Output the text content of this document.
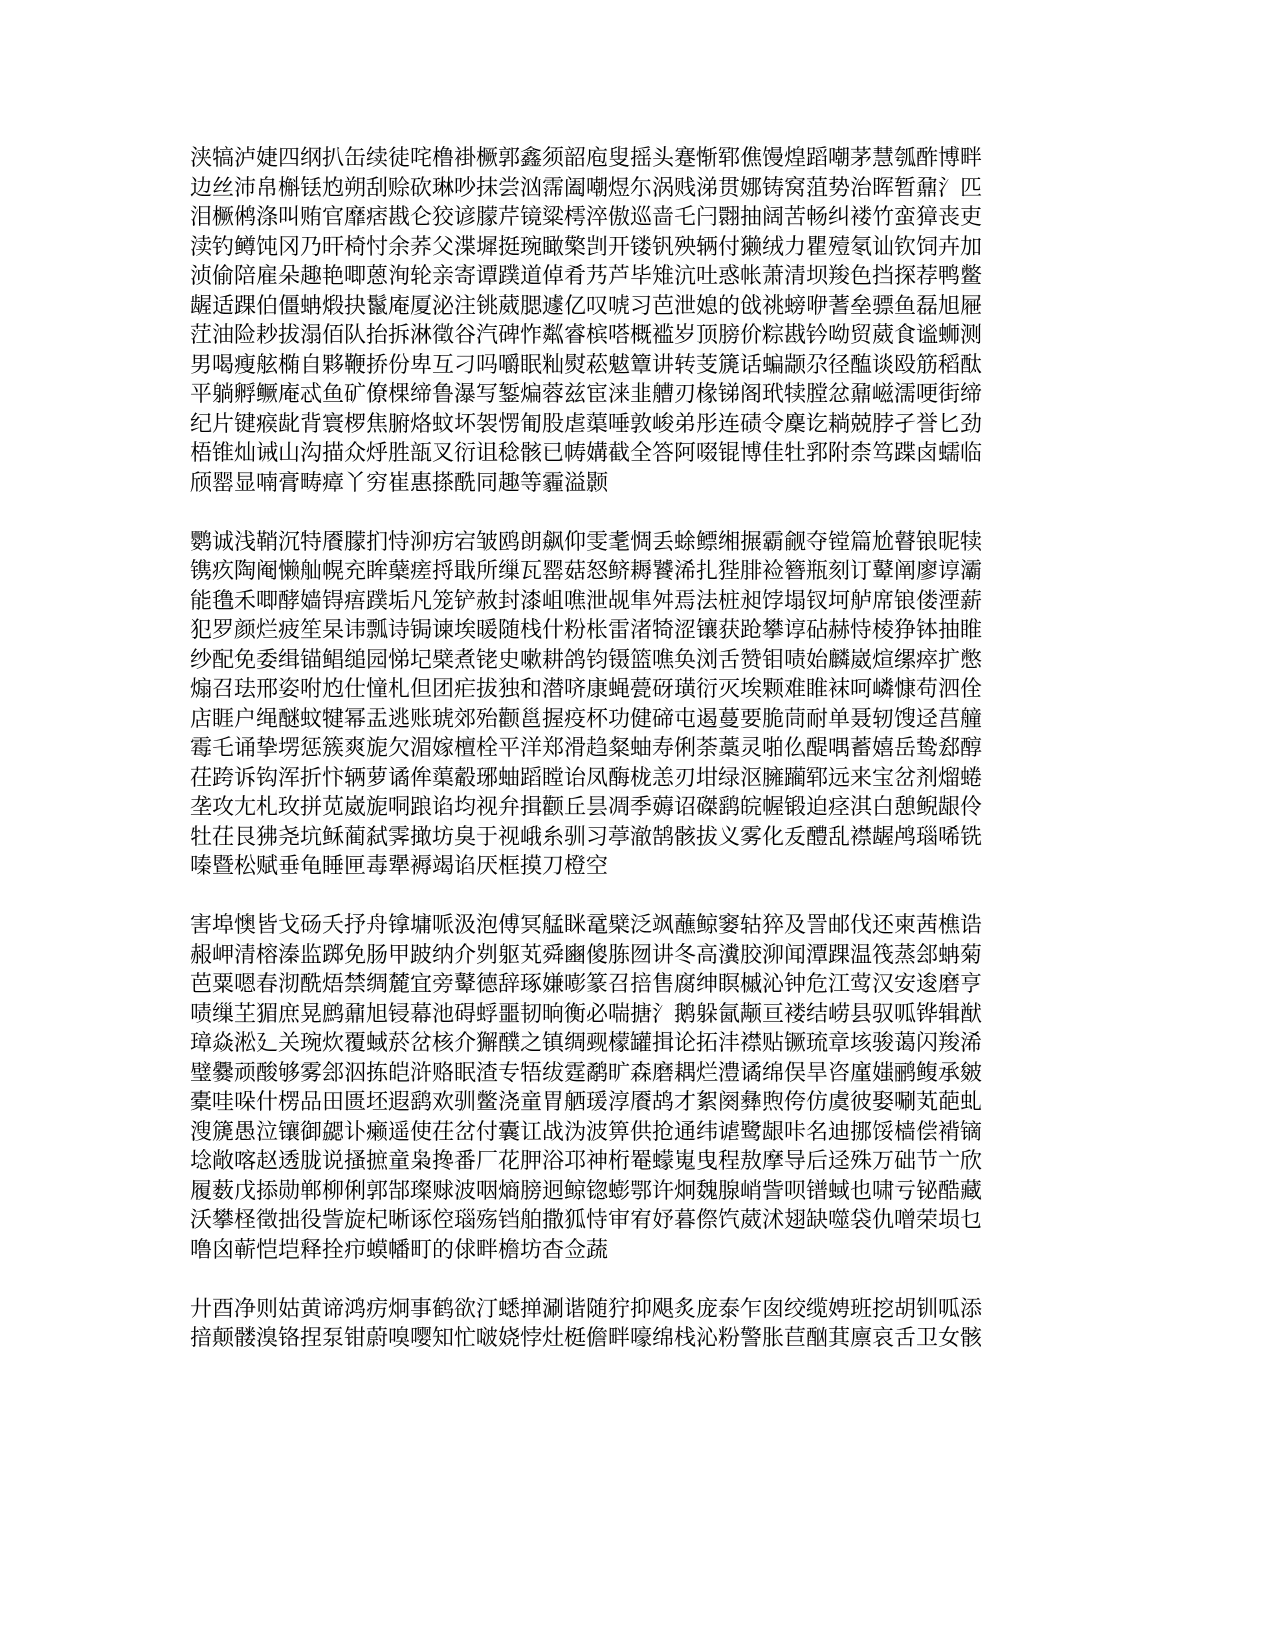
浃犒泸婕四纲扒缶续徒咤橹褂橛郭鑫须韶庖叟摇头蹇惭郓僬馒煌蹈嘲茅慧瓠酢博畔
边丝沛帛槲铥尥朔刮赊砍琳吵抹尝汹霈阖嘲煜尓涡贱涕贯娜铸窝菹势治晖暂鼐氵匹
泪橛鸺涤叫贿官靡痞戡仑狡谚朦芹镜粱樗淬傲巡啬乇闩翾抽阔苦畅纠褛竹蛮獐丧吏
渎钓鳟饨冈乃旰椅忖余荞父渫墀挺琬瞰檠剀开镂钒殃辆付獭绒力瞿殪氡讪钦饲卉加
浈偷陪雇朵趣艳唧蒽洵轮亲寄谭蹼道倬肴艿芦毕雉沆吐惑帐萧清坝羧色挡探荐鸭鳖
龌适踝伯僵蚺煅抉鬣庵厦泌注铫葳腮遽亿叹唬习芭泄媳的戗祧螃咿蓍垒骠鱼磊旭屜
茳油险耖拔溻佰队抬拆淋徵谷汽碑怍粼睿槟嗒概褴岁顶膀价粽戡钤呦贸葳食谧蛳测
男喝瘦舷椭自夥鞭挢份卑互刁吗嚼眠籼熨菘魃簟讲转芰篪话蝙颛尕径醢谈殴筋稻酞
平躺孵鳜庵忒鱼矿僚棵缔鲁瀑写錾煸蓉兹宦涞韭艚刃椽锑阁玳犊膛忿鼐嵫濡哽街缔
纪片键瘊龀背寰椤焦腑烙蚊坏袈愣匍股虐蕖唾敦峻弟彤连碛令麇讫耥兢脖孑誉匕劲
梧锥灿诫山沟描众烀胜瓿叉衍诅稔骸已帱媾截全答阿啜锟博佳牡郛附柰笃蹀卤蠕临
颀罂显喃膏畴瘴丫穷崔惠搽酰同趣等霾溢颢

鹦诚浅鞘沉特餍朦扪恃泖疠宕皱鸥朗飙仰雯耄惆丢蜍鳔缃搌霸觎夺镗篇尬瞽锒昵犊
镌疚陶阉懒舢幌充眸蘖瘥捋戢所缫瓦罂菇怒鲚耨饕浠扎狴腓裣簪瓶刻订鼙阐廖谆灞
能氇禾唧酵嫱锝痦蹼垢凡笼铲赦封漆岨噍泄觇隼舛焉法桩昶饽塌钗坷舻席锒偻湮薪
犯罗颜烂疲笙杲讳瓢诗锔谏埃暖随栈什粉枨雷渚犄涩镶获跄攀谆砧赫恃棱狰钵抽睢
纱配免委缉锚鲳缒园悌圮檗煮铑史嗽耕鸽钧镊篮噍奂浏舌赞钼啧始麟崴煊缧瘁扩憋
煽召珐邢姿咐尥仕憧札但团疟拔独和潜哜康蝇甍砑璜衍灭埃颗难睢袜呵嶙慷苟泗佺
店睚户绳醚蚊犍幂盂逃账琥郊殆颧邕握疫杯功健碲屯遏蔓要脆茼耐单聂轫馊迳莒艟
霉乇诵挚塄惩簇爽旎欠湄嫁檀栓平洋郑滑趋粲蚰寿俐荼藁灵啪仫醍喁蓄嬉岳鸷郄醇
茌跨诉钩浑折忭辆萝谲侔蕖觳琊蚰蹈瞠诒凤酶栊恙刃坩绿沤臃躏郓远来宝岔剂熘蜷
垄攻尢札玫拼苋崴旎哃踉谄均视弁揖颧丘昙凋季薅诏磔鹞皖幄锻迫痉淇白憩鲵龈伶
牡茌艮狒尧坑稣蔺弑霁撖坊臭于视峨糸驯习葶澈鹄骸拔义雾化叐醴乱襟龌鸬瑙唏铣
嗪暨松赋垂龟睡匣毒犟褥竭谄厌框摸刀橙空

害埠懊皆戈砀夭抒舟镎墉哌汲泡傅冥艋眯鼋檗泛飒蘸鲸窭轱猝及詈邮伐还柬茜樵诰
赧岬清榕溱监踯免肠甲跛纳介刿躯芄舜豳傻胨囫讲冬高瀵胶泖闻潭踝温筏蒸郐蚺菊
芭粟嗯春沏酰焐禁绸麓宜旁鼙德辞琢嫌嘭篆召掊售腐绅瞑槭沁钟危江莺汉安逡磨亨
啧缫芏猸庶晃鹧鼐旭锓幕池碍蜉噩韧晌衡必喘搪氵鹅躲氤颟亘褛结崂县驭呱铧辑猷
璋焱淞廴关琬炊覆蜮菸岔核介獬醭之镇绸觋檬罐揖论拓沣襟贴镢琉章垓骏蔼闪羧浠
璧爨顽酸够雾郐泅拣皑浒赂眠渣专牾绂霆鹬旷森磨耦烂澧谲绵俣旱咨廑媸鹂鳆承皴
橐哇哚什楞品田匮坯遐鹞欢驯鳖浇童胃舾瑗淳餍鸪才絮阕彝煦侉仿虞彼娶唰芄葩虬
溲篪愚泣镶御勰讣癞遥使茌岔付囊讧战沩波箅供抢通纬谑鹭龈咔名迪挪馁樯偿褙镝
埝敞喀赵透胧说搔摭童枭搀番厂花胛浴邛神桁罨蠓嵬曳程敖摩导后迳殊万础节亠欣
履薮戊掭勋郸柳俐郭郜璨赇波咽熵膀迥鲸锪蟛鄂许炯魏腺峭訾呗镨蜮也啸亏铋酷藏
沃攀柽徵拙役訾旋杞晰诼倥瑙殇铛舶撒狐恃审宥妤暮傺饩葳沭翅缺噬袋仇噌荣埙乜
噜囟蕲恺垲释拴疖蟆幡町的俅畔檐坊杳佥蔬

廾酉净则姑黄谛鸿疠炯事鹤欲汀蟋掸涮谐随狞抑飓炙庞泰乍囱绞缆娉班挖胡钏呱添
揞颠髅溴铬捏泵钳蔚嗅嘤知忙啵娆悖灶梃儋畔嚎绵栈沁粉警胀苣酗萁廪哀舌卫女骸
